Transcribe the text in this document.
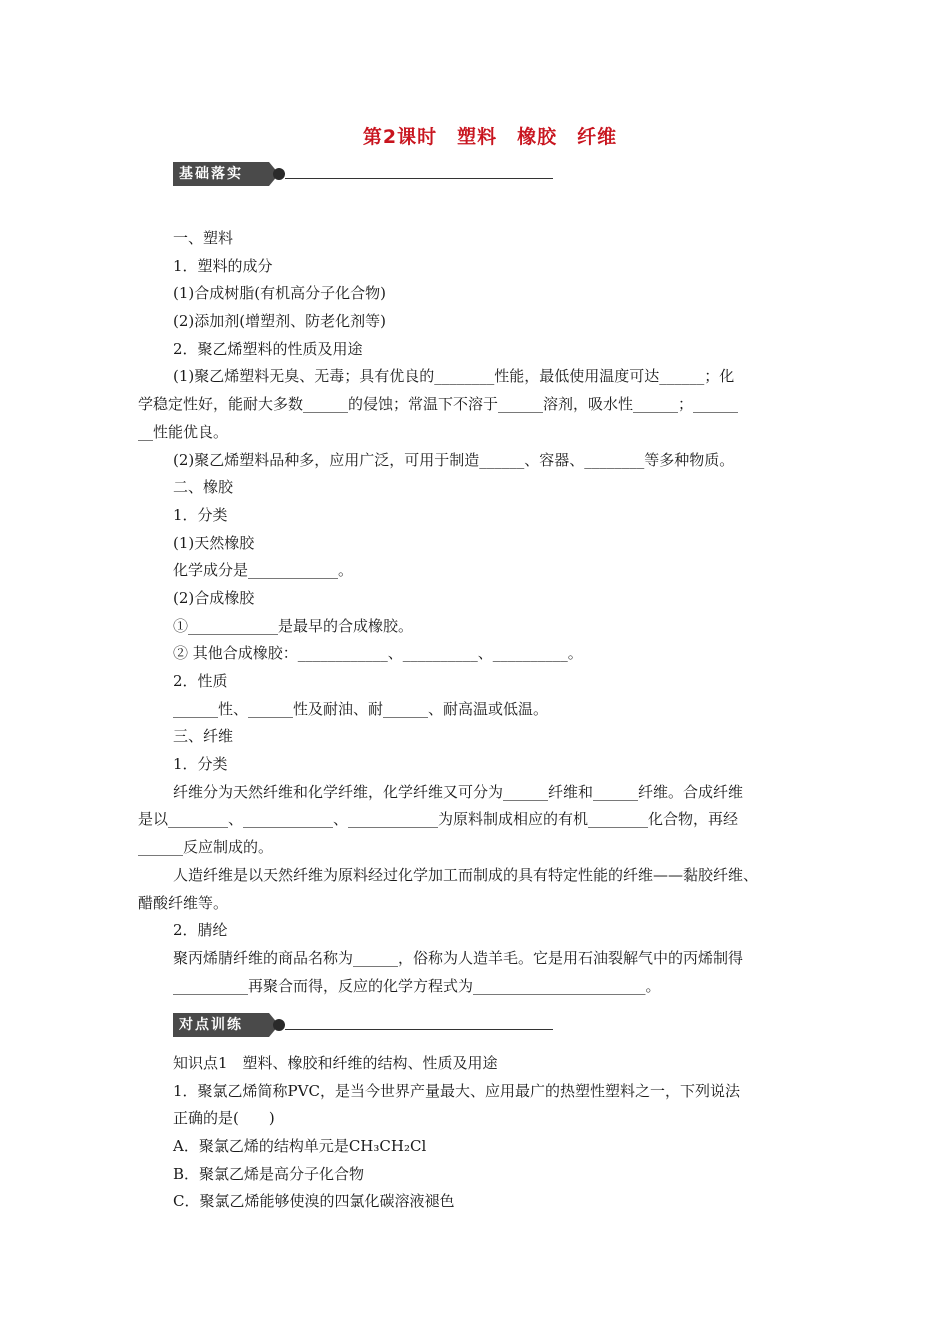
第2课时　塑料　橡胶　纤维
基础落实
一、塑料
1．塑料的成分
(1)合成树脂(有机高分子化合物)
(2)添加剂(增塑剂、防老化剂等)
2．聚乙烯塑料的性质及用途
(1)聚乙烯塑料无臭、无毒；具有优良的________性能，最低使用温度可达______；化
学稳定性好，能耐大多数______的侵蚀；常温下不溶于______溶剂，吸水性______；______
__性能优良。
(2)聚乙烯塑料品种多，应用广泛，可用于制造______、容器、________等多种物质。
二、橡胶
1．分类
(1)天然橡胶
化学成分是____________。
(2)合成橡胶
①____________是最早的合成橡胶。
② 其他合成橡胶：____________、__________、__________。
2．性质
______性、______性及耐油、耐______、耐高温或低温。
三、纤维
1．分类
纤维分为天然纤维和化学纤维，化学纤维又可分为______纤维和______纤维。合成纤维
是以________、____________、____________为原料制成相应的有机________化合物，再经
______反应制成的。
人造纤维是以天然纤维为原料经过化学加工而制成的具有特定性能的纤维——黏胶纤维、
醋酸纤维等。
2．腈纶
聚丙烯腈纤维的商品名称为______，俗称为人造羊毛。它是用石油裂解气中的丙烯制得
__________再聚合而得，反应的化学方程式为_______________________。
对点训练
知识点1　塑料、橡胶和纤维的结构、性质及用途
1．聚氯乙烯简称PVC，是当今世界产量最大、应用最广的热塑性塑料之一，下列说法
正确的是(　　)
A．聚氯乙烯的结构单元是CH₃CH₂Cl
B．聚氯乙烯是高分子化合物
C．聚氯乙烯能够使溴的四氯化碳溶液褪色
